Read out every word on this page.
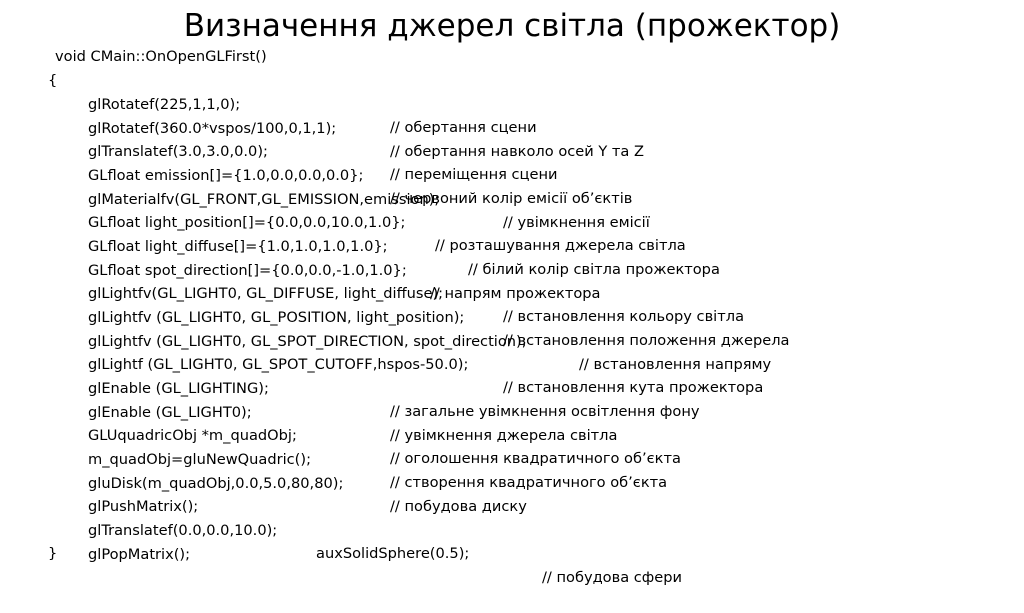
Визначення джерел світла (прожектор)
void CMain::OnOpenGLFirst()
{

glRotatef(225,1,1,0);

// обертання сцени

glRotatef(360.0*vspos/100,0,1,1);

// обертання навколо осей Y та Z

glTranslatef(3.0,3.0,0.0);

// переміщення сцени

GLfloat emission[]={1.0,0.0,0.0,0.0};

// червоний колір емісії об’єктів

glMaterialfv(GL_FRONT,GL_EMISSION,emission);

// увімкнення емісії

GLfloat light_position[]={0.0,0.0,10.0,1.0};

// розташування джерела світла

GLfloat light_diffuse[]={1.0,1.0,1.0,1.0};

// білий колір світла прожектора

GLfloat spot_direction[]={0.0,0.0,-1.0,1.0};

// напрям прожектора

glLightfv(GL_LIGHT0, GL_DIFFUSE, light_diffuse);

// встановлення кольору світла

glLightfv (GL_LIGHT0, GL_POSITION, light_position);

// встановлення положення джерела

glLightfv (GL_LIGHT0, GL_SPOT_DIRECTION, spot_direction);

// встановлення напряму

glLightf (GL_LIGHT0, GL_SPOT_CUTOFF,hspos-50.0);

// встановлення кута прожектора

glEnable (GL_LIGHTING);

// загальне увімкнення освітлення фону

glEnable (GL_LIGHT0);

// увімкнення джерела світла

GLUquadricObj *m_quadObj;

// оголошення квадратичного об’єкта

m_quadObj=gluNewQuadric();

// створення квадратичного об’єкта

gluDisk(m_quadObj,0.0,5.0,80,80);

// побудова диску

glPushMatrix();

glTranslatef(0.0,0.0,10.0);

auxSolidSphere(0.5);

// побудова сфери

glPopMatrix();

}
